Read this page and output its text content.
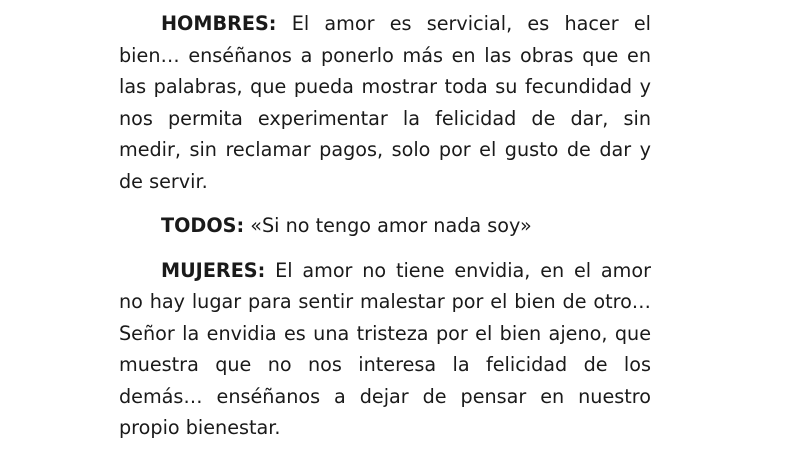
HOMBRES: El amor es servicial, es hacer el bien… enséñanos a ponerlo más en las obras que en las palabras, que pueda mostrar toda su fecundidad y nos permita experimentar la felicidad de dar, sin medir, sin reclamar pagos, solo por el gusto de dar y de servir.

TODOS: «Si no tengo amor nada soy»

MUJERES: El amor no tiene envidia, en el amor no hay lugar para sentir malestar por el bien de otro… Señor la envidia es una tristeza por el bien ajeno, que muestra que no nos interesa la felicidad de los demás… enséñanos a dejar de pensar en nuestro propio bienestar.
